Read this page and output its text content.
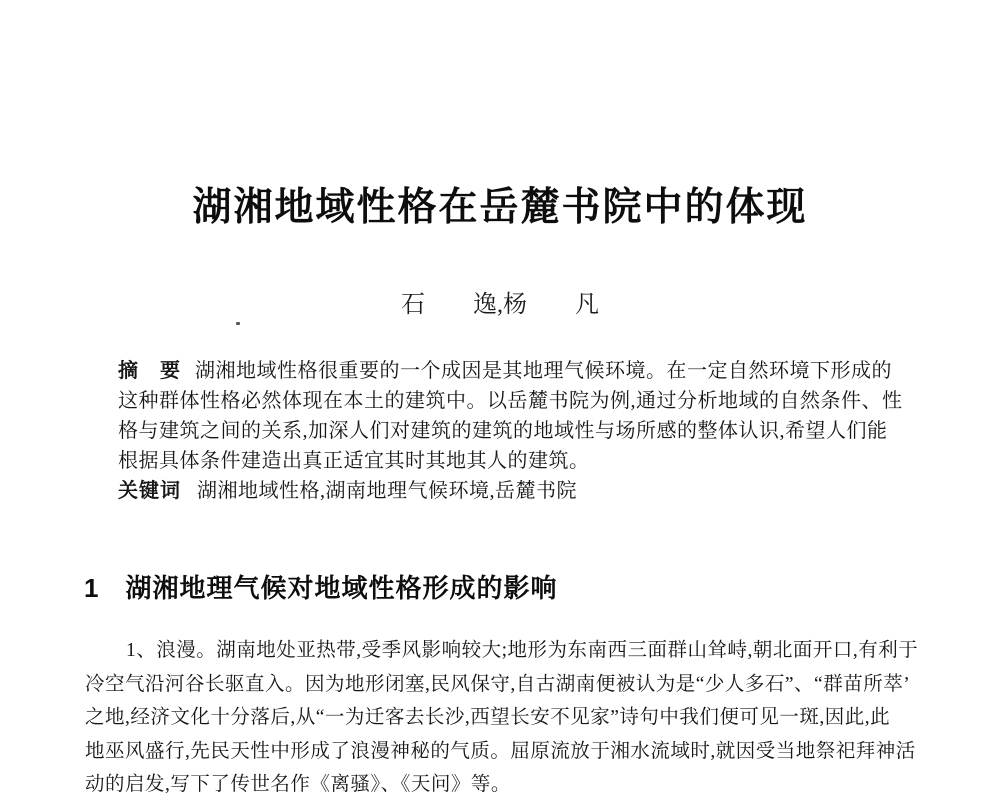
湖湘地域性格在岳麓书院中的体现
石　　逸,杨　　凡
摘　要 湖湘地域性格很重要的一个成因是其地理气候环境。在一定自然环境下形成的
这种群体性格必然体现在本土的建筑中。以岳麓书院为例,通过分析地域的自然条件、性
格与建筑之间的关系,加深人们对建筑的建筑的地域性与场所感的整体认识,希望人们能
根据具体条件建造出真正适宜其时其地其人的建筑。
关键词 湖湘地域性格,湖南地理气候环境,岳麓书院
1 湖湘地理气候对地域性格形成的影响
1、浪漫。湖南地处亚热带,受季风影响较大;地形为东南西三面群山耸峙,朝北面开口,有利于
冷空气沿河谷长驱直入。因为地形闭塞,民风保守,自古湖南便被认为是“少人多石”、“群苗所萃’
之地,经济文化十分落后,从“一为迁客去长沙,西望长安不见家”诗句中我们便可见一斑,因此,此
地巫风盛行,先民天性中形成了浪漫神秘的气质。屈原流放于湘水流域时,就因受当地祭祀拜神活
动的启发,写下了传世名作《离骚》、《天问》等。
